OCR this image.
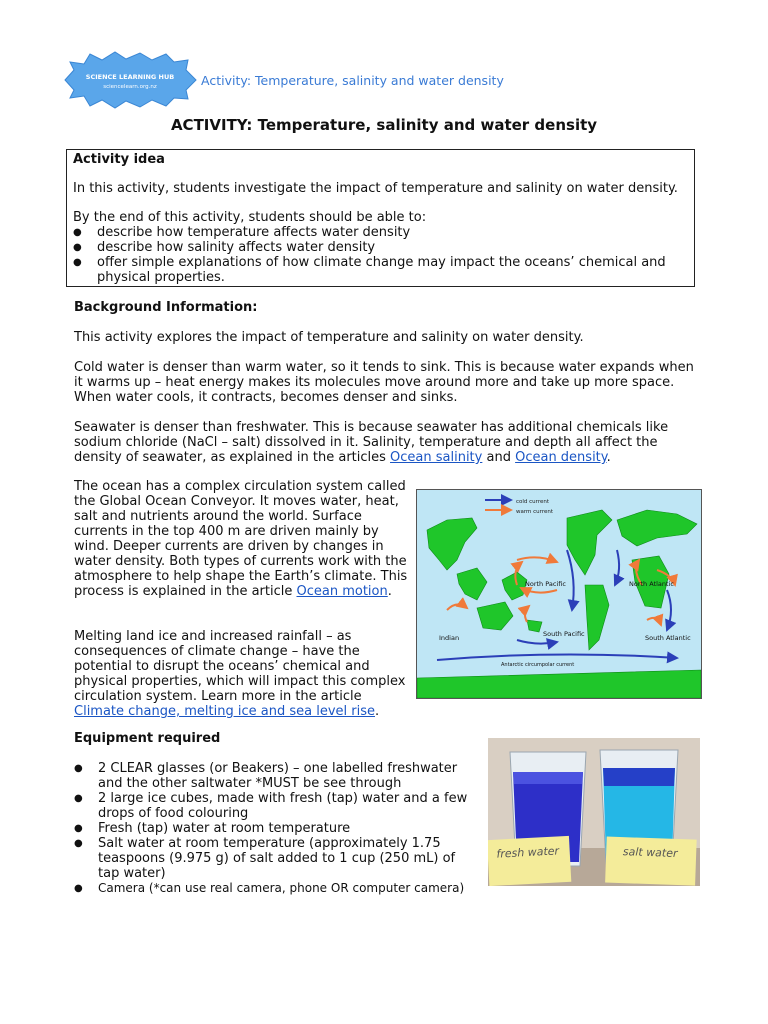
SCIENCE LEARNING HUB
sciencelearn.org.nz	Activity: Temperature, salinity and water density
ACTIVITY: Temperature, salinity and water density
Activity idea

In this activity, students investigate the impact of temperature and salinity on water density.

By the end of this activity, students should be able to:

● describe how temperature affects water density
● describe how salinity affects water density
● offer simple explanations of how climate change may impact the oceans’ chemical and physical properties.
Background Information:

This activity explores the impact of temperature and salinity on water density.

Cold water is denser than warm water, so it tends to sink. This is because water expands when it warms up – heat energy makes its molecules move around more and take up more space. When water cools, it contracts, becomes denser and sinks.

Seawater is denser than freshwater. This is because seawater has additional chemicals like sodium chloride (NaCl – salt) dissolved in it. Salinity, temperature and depth all affect the density of seawater, as explained in the articles Ocean salinity and Ocean density.

The ocean has a complex circulation system called the Global Ocean Conveyor. It moves water, heat, salt and nutrients around the world. Surface currents in the top 400 m are driven mainly by wind. Deeper currents are driven by changes in water density. Both types of currents work with the atmosphere to help shape the Earth’s climate. This process is explained in the article Ocean motion.

Melting land ice and increased rainfall – as consequences of climate change – have the potential to disrupt the oceans’ chemical and physical properties, which will impact this complex circulation system. Learn more in the article Climate change, melting ice and sea level rise.

cold current
warm current
North Pacific	North Atlantic
South Pacific	South Atlantic
Indian
Antarctic circumpolar current
Equipment required
● 2 CLEAR glasses (or Beakers) – one labelled freshwater and the other saltwater *MUST be see through
● 2 large ice cubes, made with fresh (tap) water and a few drops of food colouring
● Fresh (tap) water at room temperature
● Salt water at room temperature (approximately 1.75 teaspoons (9.975 g) of salt added to 1 cup (250 mL) of tap water)
● Camera (*can use real camera, phone OR computer camera)
fresh water	salt water
